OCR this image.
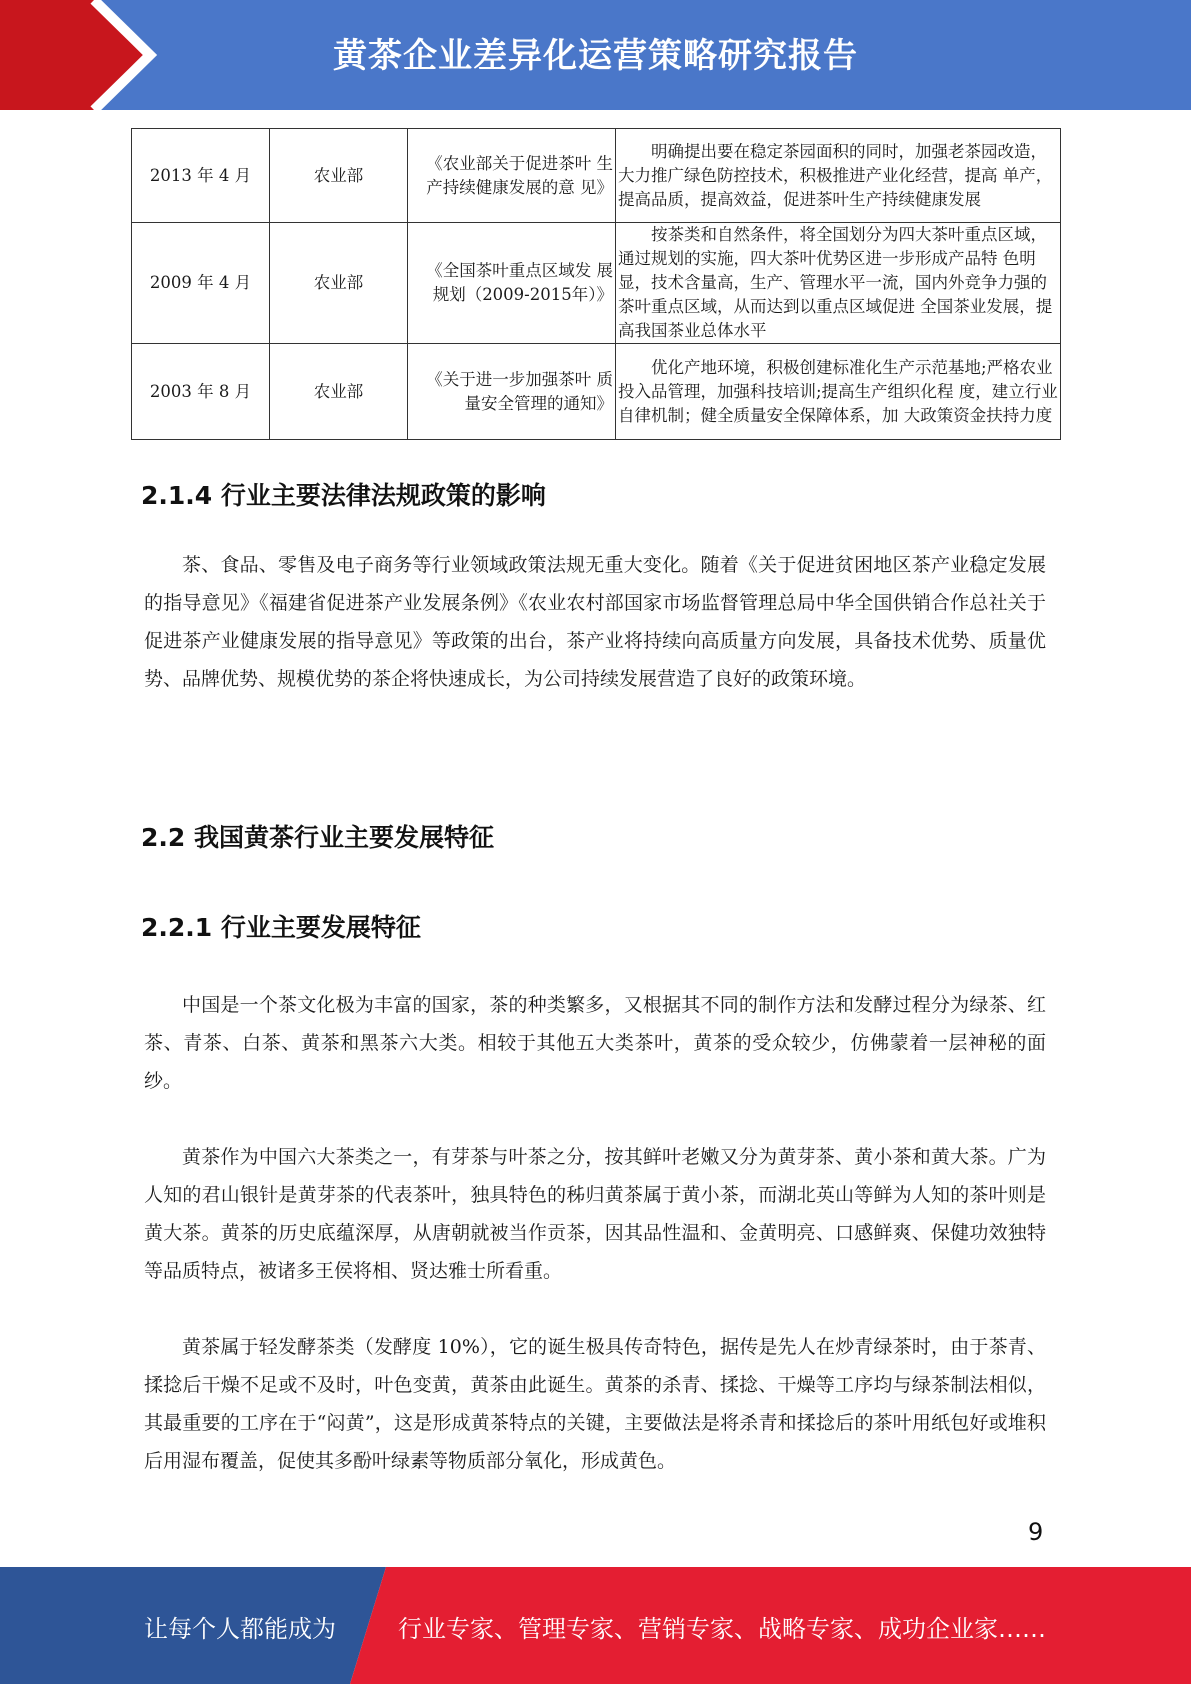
黄茶企业差异化运营策略研究报告
2013 年 4 月	农业部	《农业部关于促进茶叶 生产持续健康发展的意 见》	明确提出要在稳定茶园面积的同时，加强老茶园改造， 大力推广绿色防控技术，积极推进产业化经营，提高 单产，提高品质，提高效益，促进茶叶生产持续健康发展
2009 年 4 月	农业部	《全国茶叶重点区域发 展规划（2009-2015年）》	按茶类和自然条件，将全国划分为四大茶叶重点区域， 通过规划的实施，四大茶叶优势区进一步形成产品特 色明显，技术含量高，生产、管理水平一流，国内外竞争力强的茶叶重点区域，从而达到以重点区域促进 全国茶业发展，提高我国茶业总体水平
2003 年 8 月	农业部	《关于进一步加强茶叶 质量安全管理的通知》	优化产地环境，积极创建标准化生产示范基地;严格农业投入品管理，加强科技培训;提高生产组织化程 度，建立行业自律机制；健全质量安全保障体系，加 大政策资金扶持力度
2.1.4 行业主要法律法规政策的影响

茶、食品、零售及电子商务等行业领域政策法规无重大变化。随着《关于促进贫困地区茶产业稳定发展的指导意见》《福建省促进茶产业发展条例》《农业农村部国家市场监督管理总局中华全国供销合作总社关于促进茶产业健康发展的指导意见》等政策的出台，茶产业将持续向高质量方向发展，具备技术优势、质量优势、品牌优势、规模优势的茶企将快速成长，为公司持续发展营造了良好的政策环境。

2.2 我国黄茶行业主要发展特征
2.2.1 行业主要发展特征

中国是一个茶文化极为丰富的国家，茶的种类繁多，又根据其不同的制作方法和发酵过程分为绿茶、红茶、青茶、白茶、黄茶和黑茶六大类。相较于其他五大类茶叶，黄茶的受众较少，仿佛蒙着一层神秘的面纱。

黄茶作为中国六大茶类之一，有芽茶与叶茶之分，按其鲜叶老嫩又分为黄芽茶、黄小茶和黄大茶。广为人知的君山银针是黄芽茶的代表茶叶，独具特色的秭归黄茶属于黄小茶，而湖北英山等鲜为人知的茶叶则是黄大茶。黄茶的历史底蕴深厚，从唐朝就被当作贡茶，因其品性温和、金黄明亮、口感鲜爽、保健功效独特等品质特点，被诸多王侯将相、贤达雅士所看重。

黄茶属于轻发酵茶类（发酵度 10%），它的诞生极具传奇特色，据传是先人在炒青绿茶时，由于茶青、揉捻后干燥不足或不及时，叶色变黄，黄茶由此诞生。黄茶的杀青、揉捻、干燥等工序均与绿茶制法相似，其最重要的工序在于“闷黄”，这是形成黄茶特点的关键，主要做法是将杀青和揉捻后的茶叶用纸包好或堆积后用湿布覆盖，促使其多酚叶绿素等物质部分氧化，形成黄色。

9
让每个人都能成为	行业专家、管理专家、营销专家、战略专家、成功企业家……
